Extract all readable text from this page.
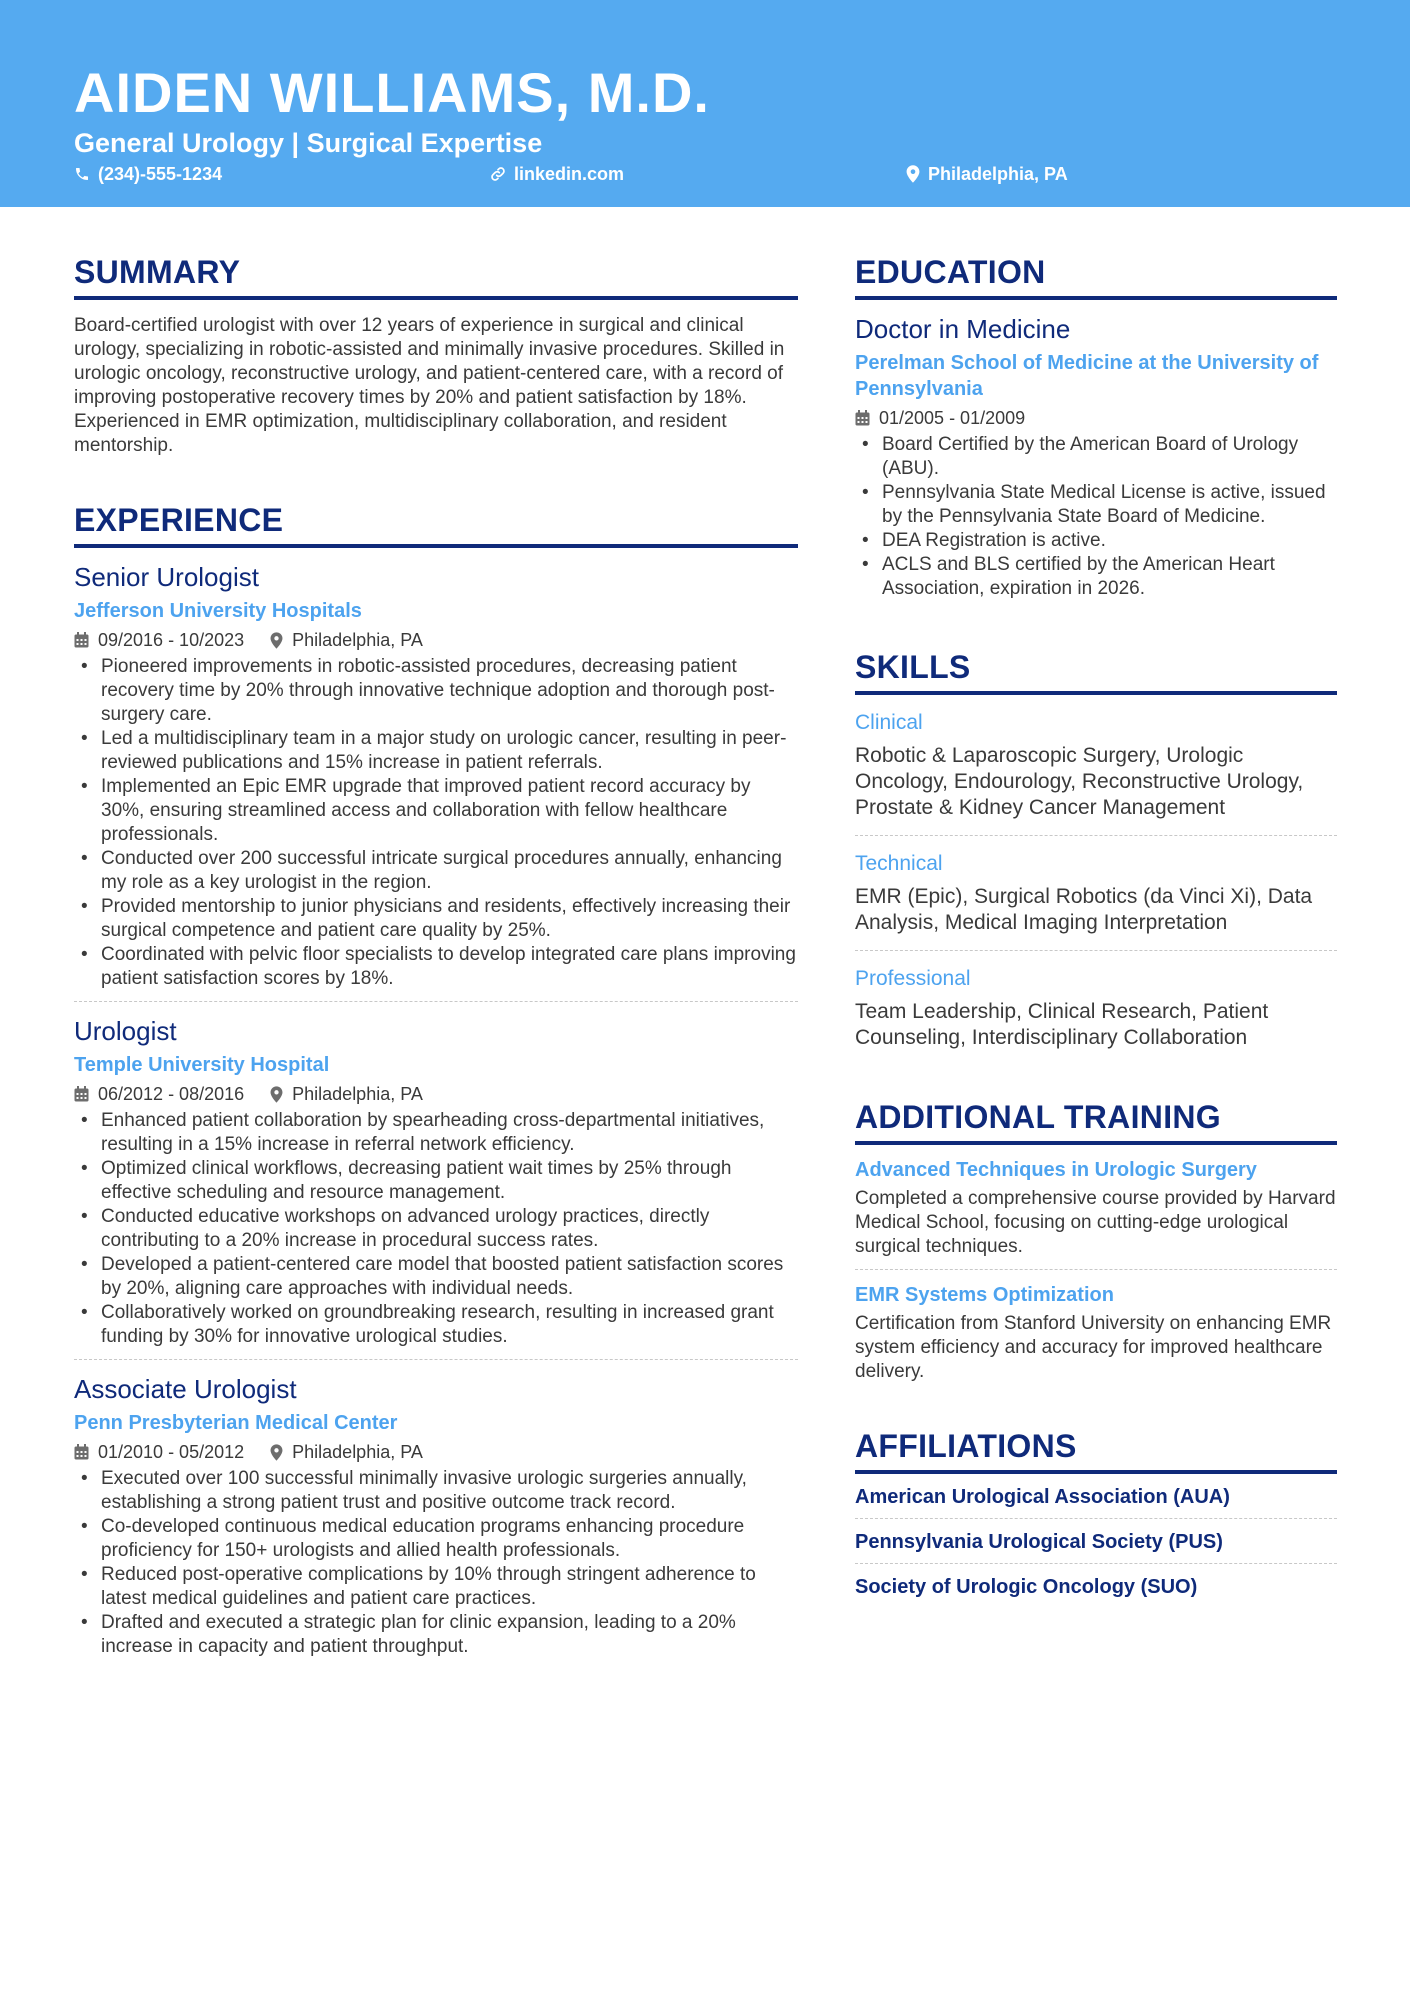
AIDEN WILLIAMS, M.D.
General Urology | Surgical Expertise
(234)-555-1234	linkedin.com	Philadelphia, PA
SUMMARY

Board-certified urologist with over 12 years of experience in surgical and clinical urology, specializing in robotic-assisted and minimally invasive procedures. Skilled in urologic oncology, reconstructive urology, and patient-centered care, with a record of improving postoperative recovery times by 20% and patient satisfaction by 18%. Experienced in EMR optimization, multidisciplinary collaboration, and resident mentorship.

EXPERIENCE
Senior Urologist
Jefferson University Hospitals
09/2016 - 10/2023	Philadelphia, PA
• Pioneered improvements in robotic-assisted procedures, decreasing patient recovery time by 20% through innovative technique adoption and thorough post-surgery care.
• Led a multidisciplinary team in a major study on urologic cancer, resulting in peer-reviewed publications and 15% increase in patient referrals.
• Implemented an Epic EMR upgrade that improved patient record accuracy by 30%, ensuring streamlined access and collaboration with fellow healthcare professionals.
• Conducted over 200 successful intricate surgical procedures annually, enhancing my role as a key urologist in the region.
• Provided mentorship to junior physicians and residents, effectively increasing their surgical competence and patient care quality by 25%.
• Coordinated with pelvic floor specialists to develop integrated care plans improving patient satisfaction scores by 18%.
Urologist
Temple University Hospital
06/2012 - 08/2016	Philadelphia, PA
• Enhanced patient collaboration by spearheading cross-departmental initiatives, resulting in a 15% increase in referral network efficiency.
• Optimized clinical workflows, decreasing patient wait times by 25% through effective scheduling and resource management.
• Conducted educative workshops on advanced urology practices, directly contributing to a 20% increase in procedural success rates.
• Developed a patient-centered care model that boosted patient satisfaction scores by 20%, aligning care approaches with individual needs.
• Collaboratively worked on groundbreaking research, resulting in increased grant funding by 30% for innovative urological studies.
Associate Urologist
Penn Presbyterian Medical Center
01/2010 - 05/2012	Philadelphia, PA
• Executed over 100 successful minimally invasive urologic surgeries annually, establishing a strong patient trust and positive outcome track record.
• Co-developed continuous medical education programs enhancing procedure proficiency for 150+ urologists and allied health professionals.
• Reduced post-operative complications by 10% through stringent adherence to latest medical guidelines and patient care practices.
• Drafted and executed a strategic plan for clinic expansion, leading to a 20% increase in capacity and patient throughput.
EDUCATION
Doctor in Medicine
Perelman School of Medicine at the University of Pennsylvania
01/2005 - 01/2009
• Board Certified by the American Board of Urology (ABU).
• Pennsylvania State Medical License is active, issued by the Pennsylvania State Board of Medicine.
• DEA Registration is active.
• ACLS and BLS certified by the American Heart Association, expiration in 2026.
SKILLS
Clinical
Robotic & Laparoscopic Surgery, Urologic Oncology, Endourology, Reconstructive Urology, Prostate & Kidney Cancer Management
Technical
EMR (Epic), Surgical Robotics (da Vinci Xi), Data Analysis, Medical Imaging Interpretation
Professional
Team Leadership, Clinical Research, Patient Counseling, Interdisciplinary Collaboration
ADDITIONAL TRAINING
Advanced Techniques in Urologic Surgery
Completed a comprehensive course provided by Harvard Medical School, focusing on cutting-edge urological surgical techniques.
EMR Systems Optimization
Certification from Stanford University on enhancing EMR system efficiency and accuracy for improved healthcare delivery.
AFFILIATIONS
American Urological Association (AUA)
Pennsylvania Urological Society (PUS)
Society of Urologic Oncology (SUO)
